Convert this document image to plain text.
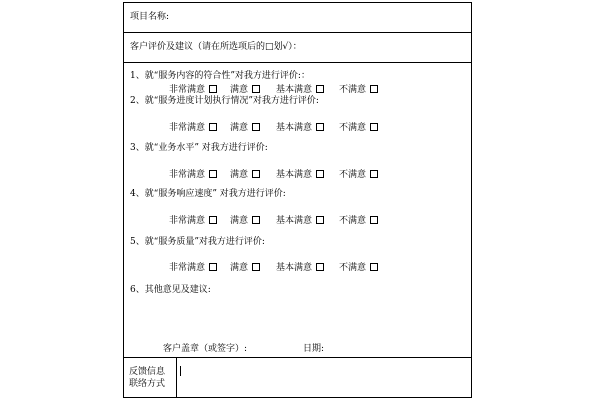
项目名称:
客户评价及建议（请在所选项后的□划√）：
1、就“服务内容的符合性”对我方进行评价:：
非常满意	满意	基本满意	不满意
2、就“服务进度计划执行情况”对我方进行评价:
非常满意	满意	基本满意	不满意
3、就“业务水平” 对我方进行评价:
非常满意	满意	基本满意	不满意
4、就“服务响应速度” 对我方进行评价:
非常满意	满意	基本满意	不满意
5、就“服务质量”对我方进行评价:
非常满意	满意	基本满意	不满意
6、其他意见及建议:
客户盖章（或签字）:	日期:
反馈信息
联络方式
